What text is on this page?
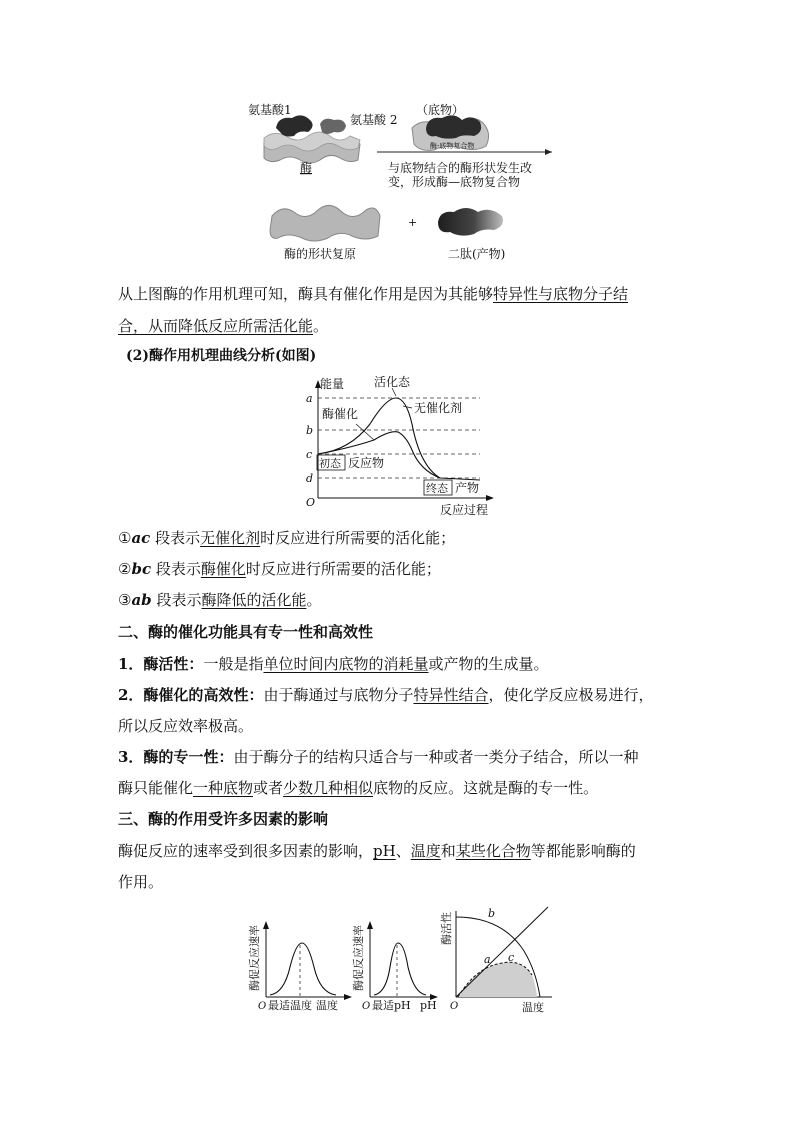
氨基酸1
氨基酸 2
酶
（底物）
酶-底物复合物
与底物结合的酶形状发生改
变，形成酶—底物复合物
酶的形状复原
+
二肽(产物)
从上图酶的作用机理可知，酶具有催化作用是因为其能够特异性与底物分子结
合，从而降低反应所需活化能。
(2)酶作用机理曲线分析(如图)
能量
反应过程
O
a
b
c
d
活化态
无催化剂
酶催化
初态 反应物
终态 产物
①ac 段表示无催化剂时反应进行所需要的活化能；
②bc 段表示酶催化时反应进行所需要的活化能；
③ab 段表示酶降低的活化能。
二、酶的催化功能具有专一性和高效性
1．酶活性：一般是指单位时间内底物的消耗量或产物的生成量。
2．酶催化的高效性：由于酶通过与底物分子特异性结合，使化学反应极易进行，
所以反应效率极高。
3．酶的专一性：由于酶分子的结构只适合与一种或者一类分子结合，所以一种
酶只能催化一种底物或者少数几种相似底物的反应。这就是酶的专一性。
三、酶的作用受许多因素的影响
酶促反应的速率受到很多因素的影响，pH、温度和某些化合物等都能影响酶的
作用。
酶促反应速率
O 最适温度 温度
酶促反应速率
O 最适pH pH
酶活性
O	温度
a
b
c
